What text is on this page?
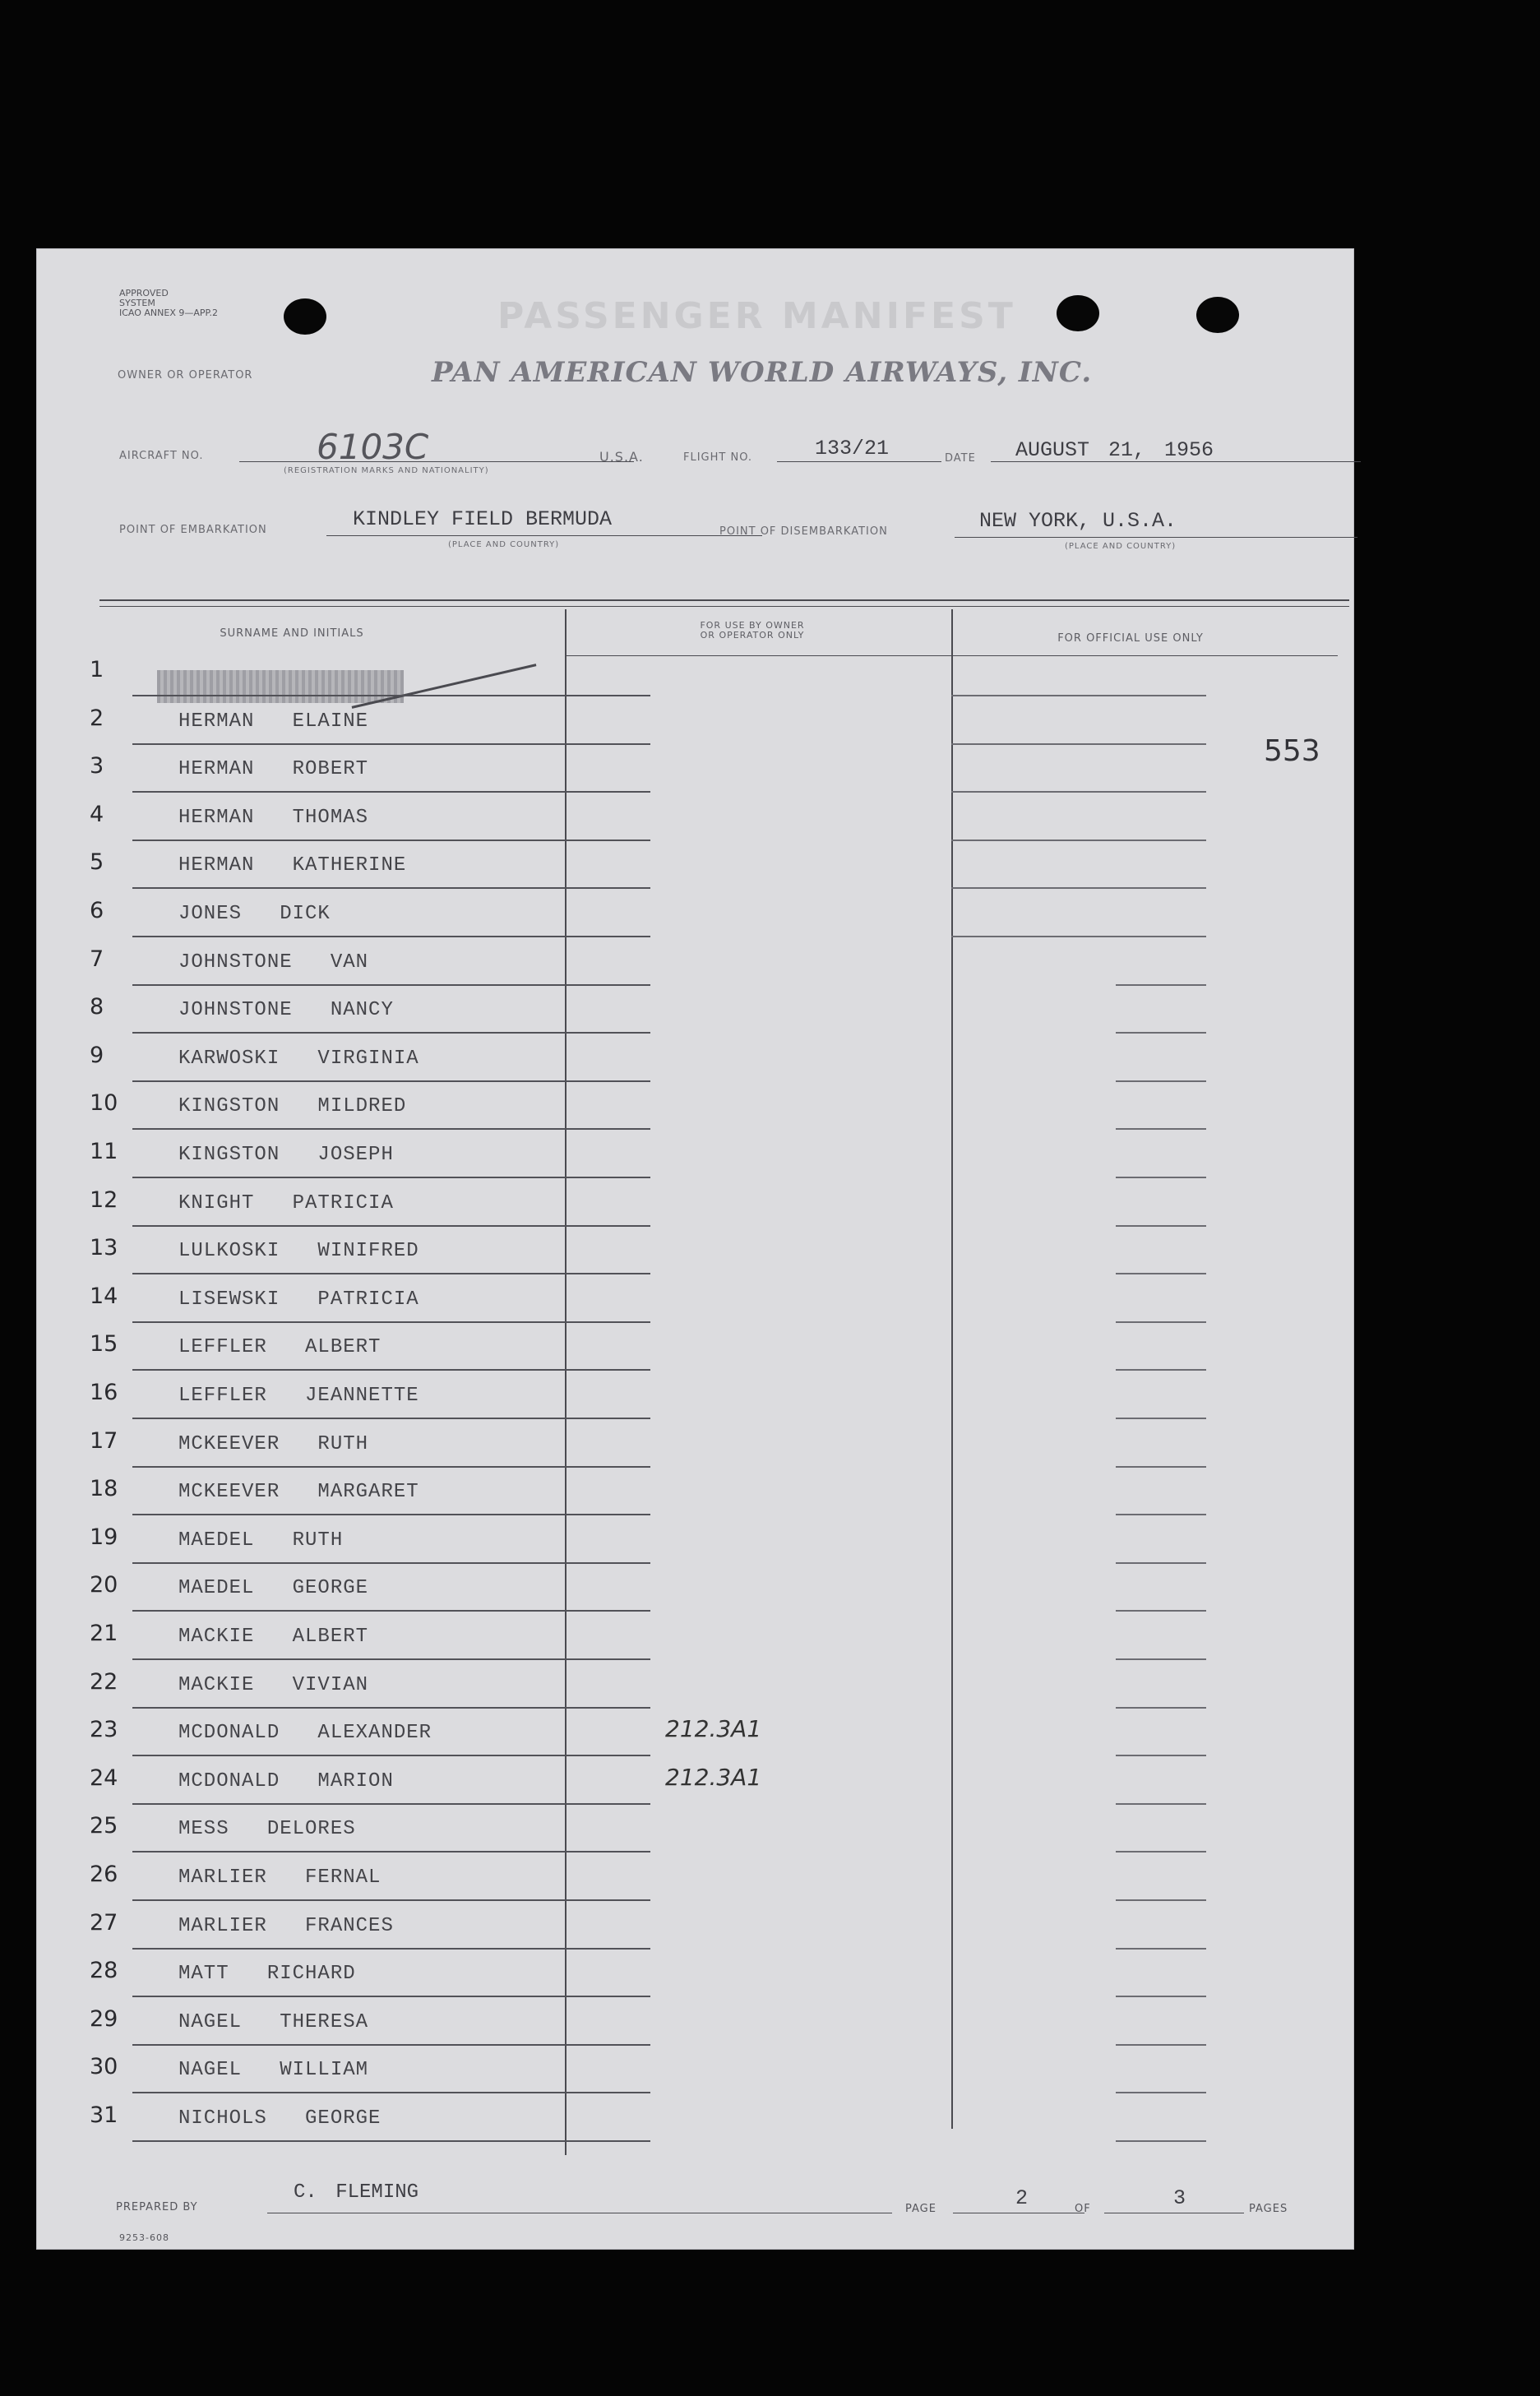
APPROVED
SYSTEM
ICAO ANNEX 9—APP.2	PASSENGER MANIFEST
OWNER OR OPERATOR	PAN AMERICAN WORLD AIRWAYS, INC.
AIRCRAFT NO.	6103C
(REGISTRATION MARKS AND NATIONALITY)
U.S.A.	FLIGHT NO.	133/21	DATE AUGUST 21, 1956
POINT OF EMBARKATION	KINDLEY FIELD BERMUDA
(PLACE AND COUNTRY)
POINT OF DISEMBARKATION	NEW YORK, U.S.A.
(PLACE AND COUNTRY)
SURNAME AND INITIALS
FOR USE BY OWNER
OR OPERATOR ONLY	FOR OFFICIAL USE ONLY
553
1
2	HERMAN   ELAINE
3	HERMAN   ROBERT
4	HERMAN   THOMAS
5	HERMAN   KATHERINE
6	JONES   DICK
7	JOHNSTONE   VAN
8	JOHNSTONE   NANCY
9	KARWOSKI   VIRGINIA
10	KINGSTON   MILDRED
11	KINGSTON   JOSEPH
12	KNIGHT   PATRICIA
13	LULKOSKI   WINIFRED
14	LISEWSKI   PATRICIA
15	LEFFLER   ALBERT
16	LEFFLER   JEANNETTE
17	MCKEEVER   RUTH
18	MCKEEVER   MARGARET
19	MAEDEL   RUTH
20	MAEDEL   GEORGE
21	MACKIE   ALBERT
22	MACKIE   VIVIAN
23	MCDONALD   ALEXANDER	212.3A1
24	MCDONALD   MARION	212.3A1
25	MESS   DELORES
26	MARLIER   FERNAL
27	MARLIER   FRANCES
28	MATT   RICHARD
29	NAGEL   THERESA
30	NAGEL   WILLIAM
31	NICHOLS   GEORGE
PREPARED BY
C. FLEMING
PAGE	2	OF	3	PAGES
9253-608
